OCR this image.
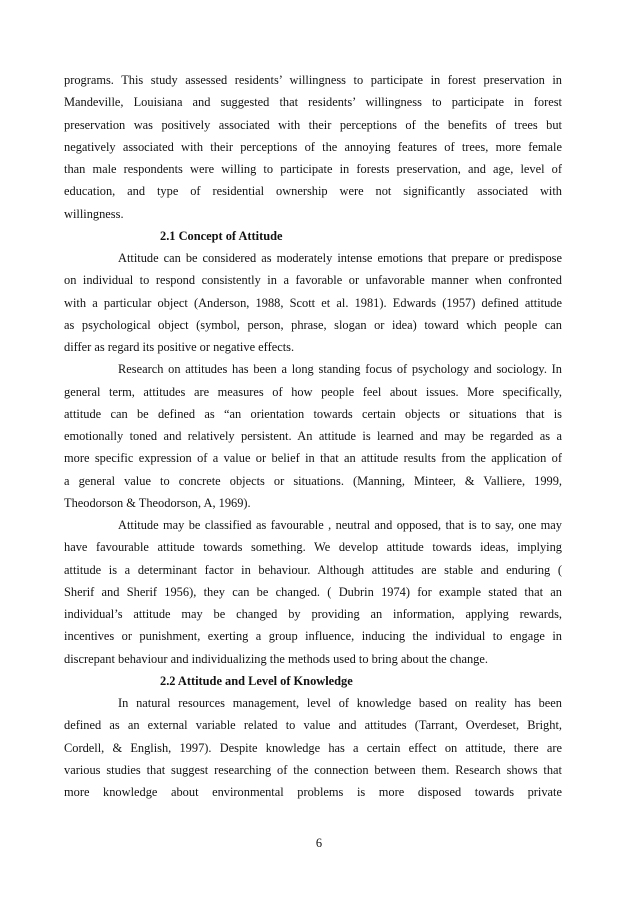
programs. This study assessed residents’ willingness to participate in forest preservation in
Mandeville, Louisiana and suggested that residents’ willingness to participate in forest
preservation was positively associated with their perceptions of the benefits of trees but
negatively associated with their perceptions of the annoying features of trees, more female
than male respondents were willing to participate in forests preservation, and age, level of
education, and type of residential ownership were not significantly associated with
willingness.
2.1 Concept of Attitude
Attitude can be considered as moderately intense emotions that prepare or predispose
on individual to respond consistently in a favorable or unfavorable manner when confronted
with a particular object (Anderson, 1988, Scott et al. 1981). Edwards (1957) defined attitude
as psychological object (symbol, person, phrase, slogan or idea) toward which people can
differ as regard its positive or negative effects.
Research on attitudes has been a long standing focus of psychology and sociology. In
general term, attitudes are measures of how people feel about issues. More specifically,
attitude can be defined as “an orientation towards certain objects or situations that is
emotionally toned and relatively persistent. An attitude is learned and may be regarded as a
more specific expression of a value or belief in that an attitude results from the application of
a general value to concrete objects or situations. (Manning, Minteer, & Valliere, 1999,
Theodorson & Theodorson, A, 1969).
Attitude may be classified as favourable , neutral and opposed, that is to say, one may
have favourable attitude towards something. We develop attitude towards ideas, implying
attitude is a determinant factor in behaviour. Although attitudes are stable and enduring (
Sherif and Sherif 1956), they can be changed. ( Dubrin 1974) for example stated that an
individual’s attitude may be changed by providing an information, applying rewards,
incentives or punishment, exerting a group influence, inducing the individual to engage in
discrepant behaviour and individualizing the methods used to bring about the change.
2.2 Attitude and Level of Knowledge
In natural resources management, level of knowledge based on reality has been
defined as an external variable related to value and attitudes (Tarrant, Overdeset, Bright,
Cordell, & English, 1997). Despite knowledge has a certain effect on attitude, there are
various studies that suggest researching of the connection between them. Research shows that
more knowledge about environmental problems is more disposed towards private
6
